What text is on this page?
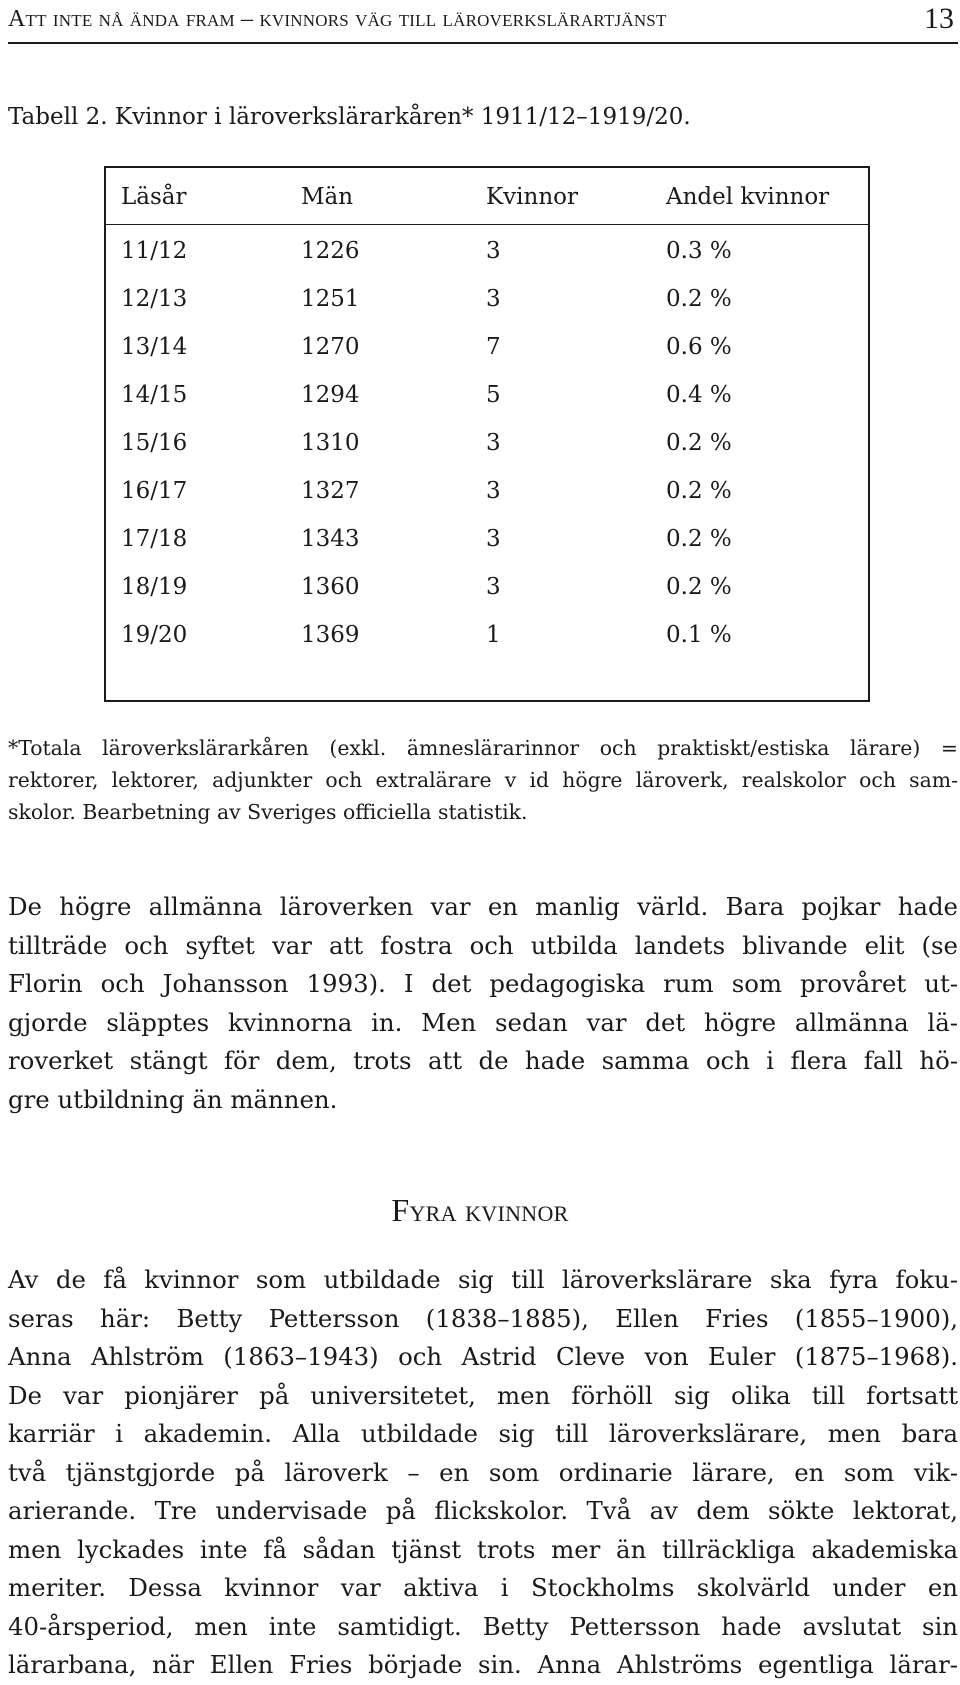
Att inte nå ända fram – kvinnors väg till läroverkslärartjänst	13
Tabell 2. Kvinnor i läroverkslärarkåren* 1911/12–1919/20.
Läsår	Män	Kvinnor	Andel kvinnor
11/12	1226	3	0.3 %
12/13	1251	3	0.2 %
13/14	1270	7	0.6 %
14/15	1294	5	0.4 %
15/16	1310	3	0.2 %
16/17	1327	3	0.2 %
17/18	1343	3	0.2 %
18/19	1360	3	0.2 %
19/20	1369	1	0.1 %
*Totala läroverkslärarkåren (exkl. ämneslärarinnor och praktiskt/estiska lärare) =
rektorer, lektorer, adjunkter och extralärare v id högre läroverk, realskolor och sam-
skolor. Bearbetning av Sveriges officiella statistik.
De högre allmänna läroverken var en manlig värld. Bara pojkar hade
tillträde och syftet var att fostra och utbilda landets blivande elit (se
Florin och Johansson 1993). I det pedagogiska rum som provåret ut-
gjorde släpptes kvinnorna in. Men sedan var det högre allmänna lä-
roverket stängt för dem, trots att de hade samma och i flera fall hö-
gre utbildning än männen.
Fyra kvinnor
Av de få kvinnor som utbildade sig till läroverkslärare ska fyra foku-
seras här: Betty Pettersson (1838–1885), Ellen Fries (1855–1900),
Anna Ahlström (1863–1943) och Astrid Cleve von Euler (1875–1968).
De var pionjärer på universitetet, men förhöll sig olika till fortsatt
karriär i akademin. Alla utbildade sig till läroverkslärare, men bara
två tjänstgjorde på läroverk – en som ordinarie lärare, en som vik-
arierande. Tre undervisade på flickskolor. Två av dem sökte lektorat,
men lyckades inte få sådan tjänst trots mer än tillräckliga akademiska
meriter. Dessa kvinnor var aktiva i Stockholms skolvärld under en
40-årsperiod, men inte samtidigt. Betty Pettersson hade avslutat sin
lärarbana, när Ellen Fries började sin. Anna Ahlströms egentliga lärar-
